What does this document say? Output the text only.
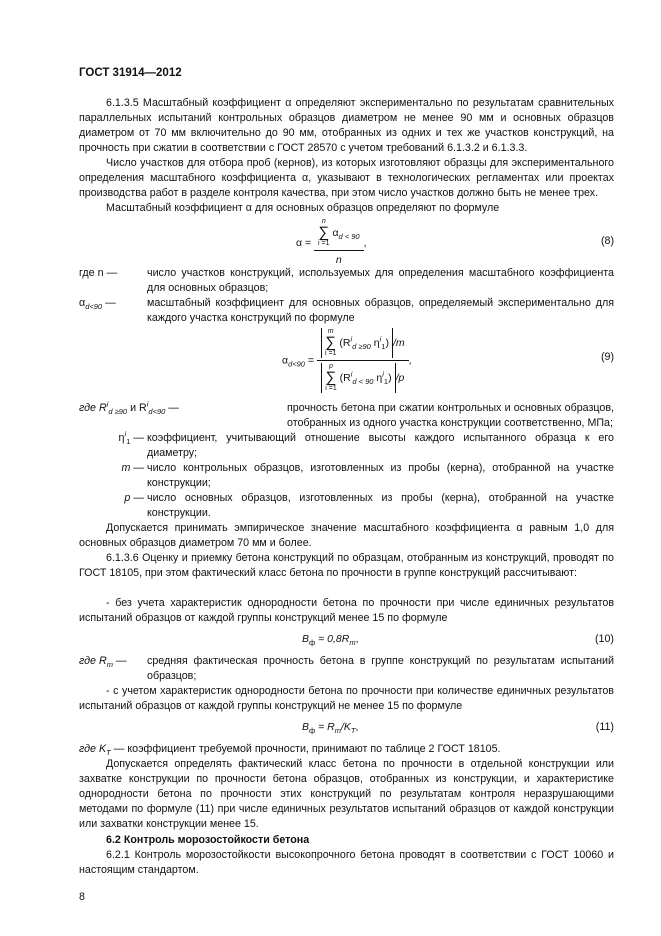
ГОСТ 31914—2012
6.1.3.5 Масштабный коэффициент α определяют экспериментально по результатам сравнительных параллельных испытаний контрольных образцов диаметром не менее 90 мм и основных образцов диаметром от 70 мм включительно до 90 мм, отобранных из одних и тех же участков конструкций, на прочность при сжатии в соответствии с ГОСТ 28570 с учетом требований 6.1.3.2 и 6.1.3.3.
Число участков для отбора проб (кернов), из которых изготовляют образцы для экспериментального определения масштабного коэффициента α, указывают в технологических регламентах или проектах производства работ в разделе контроля качества, при этом число участков должно быть не менее трех.
Масштабный коэффициент α для основных образцов определяют по формуле
α = n
∑
i =1 $\alpha_{d < 90}$
n ,	(8)
где n —	число участков конструкций, используемых для определения масштабного коэффициента для основных образцов;
$\alpha_{d<90}$ —	масштабный коэффициент для основных образцов, определяемый экспериментально для каждого участка конструкций по формуле
$\alpha_{d<90} = m$
∑
i =1 ($R^i_{d \ge 90}$ $\eta^i_1$) /m
p
∑
i =1 ($R^i_{d < 90}$ $\eta^i_1$) /p ,	(9)
где $R^i_{d \ge 90}$ и $R^i_{d<90}$ —	прочность бетона при сжатии контрольных и основных образцов, отобранных из одного участка конструкции соответственно, МПа;
$\eta^i_1$ — коэффициент, учитывающий отношение высоты каждого испытанного образца к его диаметру;
m — число контрольных образцов, изготовленных из пробы (керна), отобранной на участке конструкции;
p — число основных образцов, изготовленных из пробы (керна), отобранной на участке конструкции.
Допускается принимать эмпирическое значение масштабного коэффициента α равным 1,0 для основных образцов диаметром 70 мм и более.
6.1.3.6 Оценку и приемку бетона конструкций по образцам, отобранным из конструкций, проводят по ГОСТ 18105, при этом фактический класс бетона по прочности в группе конструкций рассчитывают:
- без учета характеристик однородности бетона по прочности при числе единичных результатов испытаний образцов от каждой группы конструкций менее 15 по формуле
$B_ф = 0,8R_m$,	(10)
где $R_m$ — средняя фактическая прочность бетона в группе конструкций по результатам испытаний образцов;
- с учетом характеристик однородности бетона по прочности при количестве единичных результатов испытаний образцов от каждой группы конструкций не менее 15 по формуле
$B_ф = R_m/K_T$,	(11)
где $K_T$ — коэффициент требуемой прочности, принимают по таблице 2 ГОСТ 18105.
Допускается определять фактический класс бетона по прочности в отдельной конструкции или захватке конструкции по прочности бетона образцов, отобранных из конструкции, и характеристике однородности бетона по прочности этих конструкций по результатам контроля неразрушающими методами по формуле (11) при числе единичных результатов испытаний образцов от каждой конструкции или захватки конструкции менее 15.
6.2 Контроль морозостойкости бетона
6.2.1 Контроль морозостойкости высокопрочного бетона проводят в соответствии с ГОСТ 10060 и настоящим стандартом.
8
